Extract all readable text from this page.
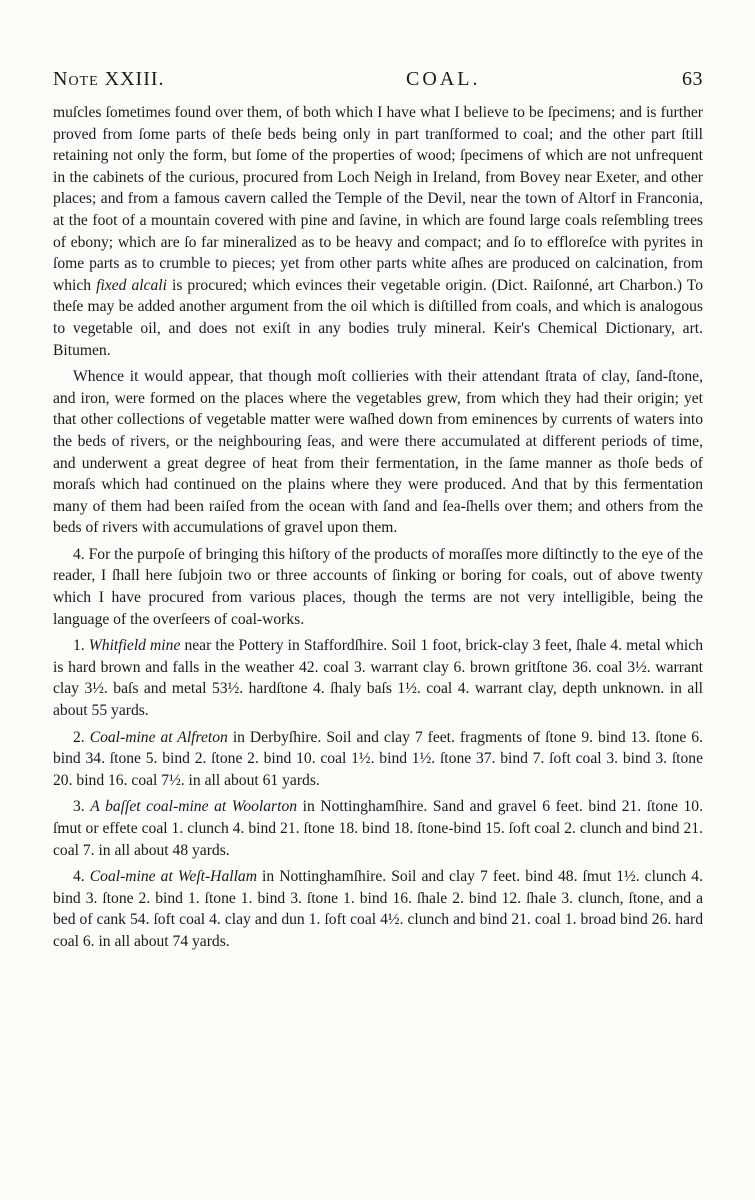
Note XXIII.	COAL.	63

muſcles ſometimes found over them, of both which I have what I believe to be ſpecimens; and is further proved from ſome parts of theſe beds being only in part tranſformed to coal; and the other part ſtill retaining not only the form, but ſome of the properties of wood; ſpecimens of which are not unfrequent in the cabinets of the curious, procured from Loch Neigh in Ireland, from Bovey near Exeter, and other places; and from a famous cavern called the Temple of the Devil, near the town of Altorf in Franconia, at the foot of a mountain covered with pine and ſavine, in which are found large coals reſembling trees of ebony; which are ſo far mineralized as to be heavy and compact; and ſo to effloreſce with pyrites in ſome parts as to crumble to pieces; yet from other parts white aſhes are produced on calcination, from which fixed alcali is procured; which evinces their vegetable origin. (Dict. Raiſonné, art Charbon.) To theſe may be added another argument from the oil which is diſtilled from coals, and which is analogous to vegetable oil, and does not exiſt in any bodies truly mineral. Keir's Chemical Dictionary, art. Bitumen.

Whence it would appear, that though moſt collieries with their attendant ſtrata of clay, ſand-ſtone, and iron, were formed on the places where the vegetables grew, from which they had their origin; yet that other collections of vegetable matter were waſhed down from eminences by currents of waters into the beds of rivers, or the neighbouring ſeas, and were there accumulated at different periods of time, and underwent a great degree of heat from their fermentation, in the ſame manner as thoſe beds of moraſs which had continued on the plains where they were produced. And that by this fermentation many of them had been raiſed from the ocean with ſand and ſea-ſhells over them; and others from the beds of rivers with accumulations of gravel upon them.

4. For the purpoſe of bringing this hiſtory of the products of moraſſes more diſtinctly to the eye of the reader, I ſhall here ſubjoin two or three accounts of ſinking or boring for coals, out of above twenty which I have procured from various places, though the terms are not very intelligible, being the language of the overſeers of coal-works.

1. Whitfield mine near the Pottery in Staffordſhire. Soil 1 foot, brick-clay 3 feet, ſhale 4. metal which is hard brown and falls in the weather 42. coal 3. warrant clay 6. brown gritſtone 36. coal 3½. warrant clay 3½. baſs and metal 53½. hardſtone 4. ſhaly baſs 1½. coal 4. warrant clay, depth unknown. in all about 55 yards.

2. Coal-mine at Alfreton in Derbyſhire. Soil and clay 7 feet. fragments of ſtone 9. bind 13. ſtone 6. bind 34. ſtone 5. bind 2. ſtone 2. bind 10. coal 1½. bind 1½. ſtone 37. bind 7. ſoft coal 3. bind 3. ſtone 20. bind 16. coal 7½. in all about 61 yards.

3. A baſſet coal-mine at Woolarton in Nottinghamſhire. Sand and gravel 6 feet. bind 21. ſtone 10. ſmut or effete coal 1. clunch 4. bind 21. ſtone 18. bind 18. ſtone-bind 15. ſoft coal 2. clunch and bind 21. coal 7. in all about 48 yards.

4. Coal-mine at Weſt-Hallam in Nottinghamſhire. Soil and clay 7 feet. bind 48. ſmut 1½. clunch 4. bind 3. ſtone 2. bind 1. ſtone 1. bind 3. ſtone 1. bind 16. ſhale 2. bind 12. ſhale 3. clunch, ſtone, and a bed of cank 54. ſoft coal 4. clay and dun 1. ſoft coal 4½. clunch and bind 21. coal 1. broad bind 26. hard coal 6. in all about 74 yards.
